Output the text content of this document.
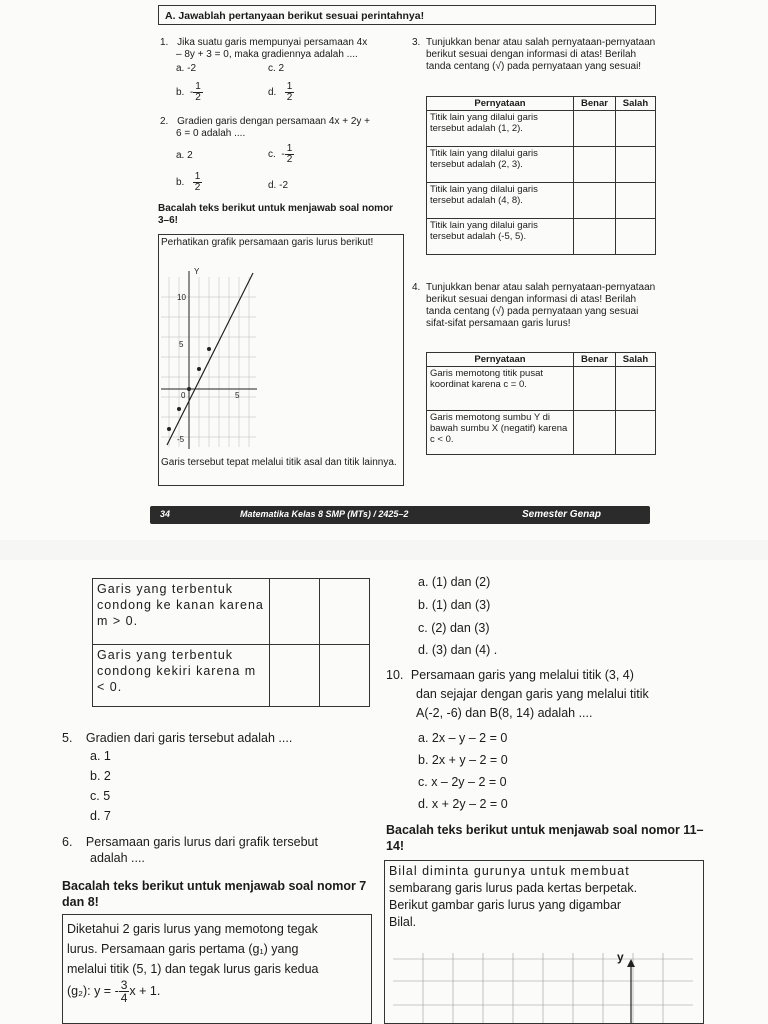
A. Jawablah pertanyaan berikut sesuai perintahnya!
1. Jika suatu garis mempunyai persamaan 4x
– 8y + 3 = 0, maka gradiennya adalah ....
a. -2	c. 2
b. - $\frac{1}{2}$	d. $\frac{1}{2}$
2. Gradien garis dengan persamaan 4x + 2y +
6 = 0 adalah ....
a. 2	c. - $\frac{1}{2}$
b. $\frac{1}{2}$	d. -2
Bacalah teks berikut untuk menjawab soal nomor 3–6!
Perhatikan grafik persamaan garis lurus berikut!
Y
10
5
0	5
-5
Garis tersebut tepat melalui titik asal dan titik lainnya.
3. Tunjukkan benar atau salah pernyataan-pernyataan berikut sesuai dengan informasi di atas! Berilah tanda centang (√) pada pernyataan yang sesuai!
Pernyataan	Benar	Salah
Titik lain yang dilalui garis tersebut adalah (1, 2).		
Titik lain yang dilalui garis tersebut adalah (2, 3).		
Titik lain yang dilalui garis tersebut adalah (4, 8).		
Titik lain yang dilalui garis tersebut adalah (-5, 5).		
4. Tunjukkan benar atau salah pernyataan-pernyataan berikut sesuai dengan informasi di atas! Berilah tanda centang (√) pada pernyataan yang sesuai sifat-sifat persamaan garis lurus!
Pernyataan	Benar	Salah
Garis memotong titik pusat koordinat karena c = 0.		
Garis memotong sumbu Y di bawah sumbu X (negatif) karena c < 0.		
34	Matematika Kelas 8 SMP (MTs) / 2425–2	Semester Genap
Garis yang terbentuk condong ke kanan karena m > 0.		
Garis yang terbentuk condong kekiri karena m < 0.		
5. Gradien dari garis tersebut adalah ....
a. 1
b. 2
c. 5
d. 7
6. Persamaan garis lurus dari grafik tersebut
adalah ....
Bacalah teks berikut untuk menjawab soal nomor 7 dan 8!
Diketahui 2 garis lurus yang memotong tegak
lurus. Persamaan garis pertama (g₁) yang
melalui titik (5, 1) dan tegak lurus garis kedua
(g₂): y = - $\frac{3}{4}$ x + 1.
a. (1) dan (2)
b. (1) dan (3)
c. (2) dan (3)
d. (3) dan (4) .
10. Persamaan garis yang melalui titik (3, 4)
dan sejajar dengan garis yang melalui titik
A(-2, -6) dan B(8, 14) adalah ....
a. 2x – y – 2 = 0
b. 2x + y – 2 = 0
c. x – 2y – 2 = 0
d. x + 2y – 2 = 0
Bacalah teks berikut untuk menjawab soal nomor 11–14!
Bilal diminta gurunya untuk membuat
sembarang garis lurus pada kertas berpetak.
Berikut gambar garis lurus yang digambar
Bilal.
y
